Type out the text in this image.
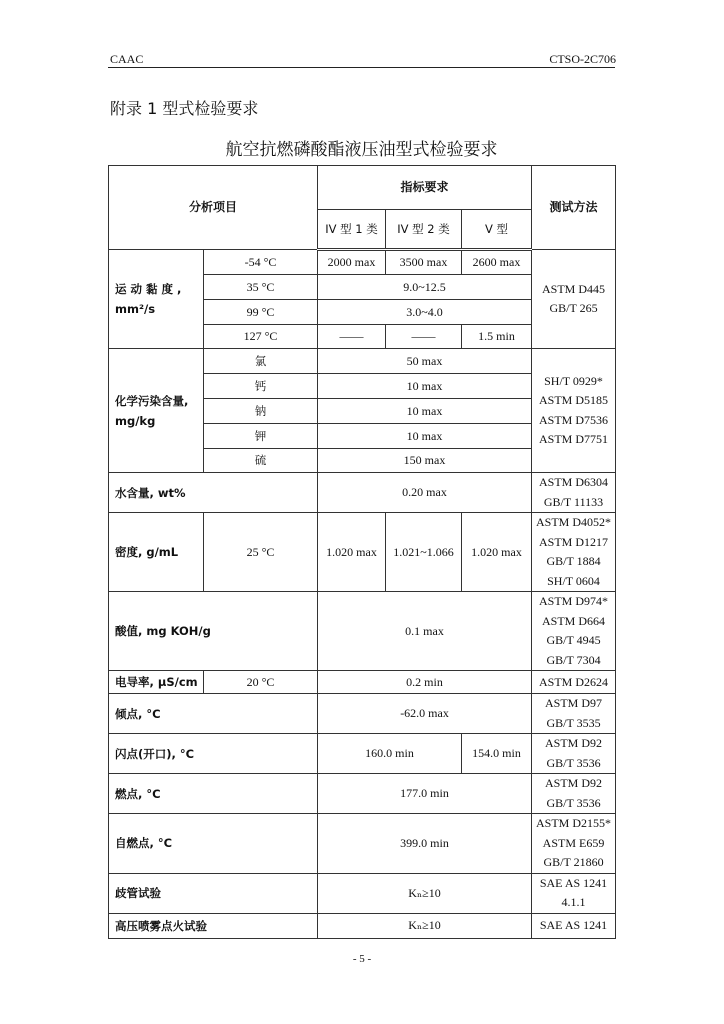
CAAC	CTSO-2C706
附录 1 型式检验要求
航空抗燃磷酸酯液压油型式检验要求
分析项目		指标要求			测试方法
		IV 型 1 类	IV 型 2 类	V 型	
运 动 黏 度 , mm²/s	-54 °C	2000 max	3500 max	2600 max	ASTM D445
GB/T 265

	35 °C	9.0~12.5			
	99 °C	3.0~4.0			
	127 °C	——	——	1.5 min	
化学污染含量, mg/kg	氯	50 max			SH/T 0929*
ASTM D5185
ASTM D7536
ASTM D7751

	钙	10 max			
	钠	10 max			
	钾	10 max			
	硫	150 max			
水含量, wt%		0.20 max			ASTM D6304
GB/T 11133

密度, g/mL	25 °C	1.020 max	1.021~1.066	1.020 max	ASTM D4052*
ASTM D1217
GB/T 1884
SH/T 0604

酸值, mg KOH/g		0.1 max			ASTM D974*
ASTM D664
GB/T 4945
GB/T 7304

电导率, μS/cm	20 °C	0.2 min			ASTM D2624
倾点, °C		-62.0 max			ASTM D97
GB/T 3535

闪点(开口), °C		160.0 min		154.0 min	ASTM D92
GB/T 3536

燃点, °C		177.0 min			ASTM D92
GB/T 3536

自燃点, °C		399.0 min			ASTM D2155*
ASTM E659
GB/T 21860

歧管试验		Kₙ≥10			SAE AS 1241
4.1.1

高压喷雾点火试验		Kₙ≥10			SAE AS 1241
- 5 -
